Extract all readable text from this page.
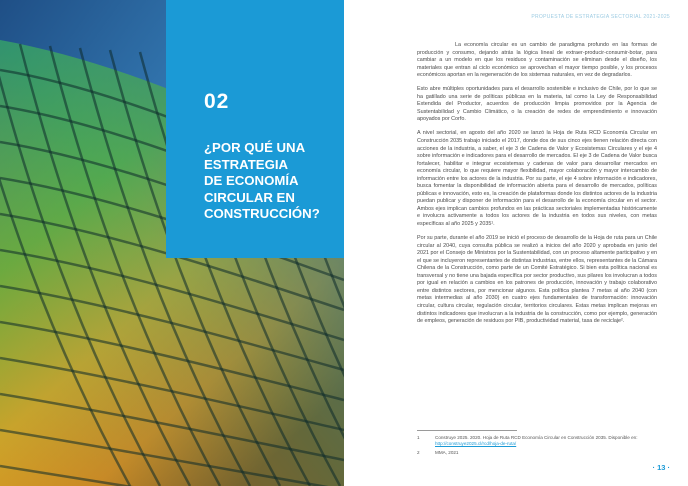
02
¿POR QUÉ UNA
ESTRATEGIA
DE ECONOMÍA
CIRCULAR EN
CONSTRUCCIÓN?
PROPUESTA DE ESTRATEGIA SECTORIAL 2021-2025

La economía circular es un cambio de paradigma profundo en las formas de producción y consumo, dejando atrás la lógica lineal de extraer-producir-consumir-botar, para cambiar a un modelo en que los residuos y contaminación se eliminan desde el diseño, los materiales que entran al ciclo económico se aprovechan el mayor tiempo posible, y los procesos económicos aportan en la regeneración de los sistemas naturales, en vez de degradarlos.

Esto abre múltiples oportunidades para el desarrollo sostenible e inclusivo de Chile, por lo que se ha gatillado una serie de políticas públicas en la materia, tal como la Ley de Responsabilidad Extendida del Productor, acuerdos de producción limpia promovidos por la Agencia de Sustentabilidad y Cambio Climático, o la creación de redes de emprendimiento e innovación apoyados por Corfo.

A nivel sectorial, en agosto del año 2020 se lanzó la Hoja de Ruta RCD Economía Circular en Construcción 2035 trabajo iniciado el 2017, donde dos de sus cinco ejes tienen relación directa con acciones de la industria, a saber, el eje 3 de Cadena de Valor y Ecosistemas Circulares y el eje 4 sobre información e indicadores para el desarrollo de mercados. El eje 3 de Cadena de Valor busca fortalecer, habilitar e integrar ecosistemas y cadenas de valor para desarrollar mercados en economía circular, lo que requiere mayor flexibilidad, mayor colaboración y mayor intercambio de información entre los actores de la industria. Por su parte, el eje 4 sobre información e indicadores, busca fomentar la disponibilidad de información abierta para el desarrollo de mercados, políticas públicas e innovación, esto es, la creación de plataformas donde los distintos actores de la industria puedan publicar y disponer de información para el desarrollo de la economía circular en el sector. Ambos ejes implican cambios profundos en las prácticas sectoriales implementadas históricamente e involucra activamente a todos los actores de la industria en todos sus niveles, con metas específicas al año 2025 y 2035¹.

Por su parte, durante el año 2019 se inició el proceso de desarrollo de la Hoja de ruta para un Chile circular al 2040, cuya consulta pública se realizó a inicios del año 2020 y aprobada en junio del 2021 por el Consejo de Ministros por la Sustentabilidad, con un proceso altamente participativo y en el que se incluyeron representantes de distintas industrias, entre ellos, representantes de la Cámara Chilena de la Construcción, como parte de un Comité Estratégico. Si bien esta política nacional es transversal y no tiene una bajada específica por sector productivo, sus pilares los involucran a todos por igual en relación a cambios en los patrones de producción, innovación y trabajo colaborativo entre distintos sectores, por mencionar algunos. Esta política plantea 7 metas al año 2040 (con metas intermedias al año 2030) en cuatro ejes fundamentales de transformación: innovación circular, cultura circular, regulación circular, territorios circulares. Estas metas implican mejoras en distintos indicadores que involucran a la industria de la construcción, como por ejemplo, generación de empleos, generación de residuos por PIB, productividad material, tasa de reciclaje².

1	Construye 2025. 2020. Hoja de Ruta RCD Economía Circular en Construcción 2035. Disponible en: http://construye2025.cl/rcd/hoja-de-ruta/
2	MMA, 2021
· 13 ·
